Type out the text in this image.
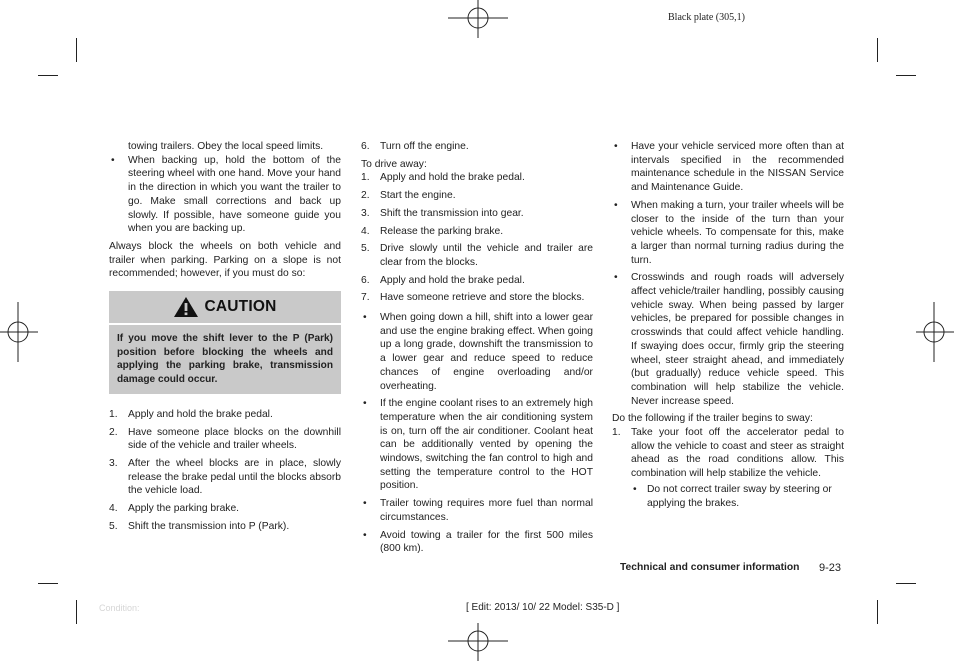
Black plate (305,1)

towing trailers. Obey the local speed limits.

• When backing up, hold the bottom of the steering wheel with one hand. Move your hand in the direction in which you want the trailer to go. Make small corrections and back up slowly. If possible, have someone guide you when you are backing up.

Always block the wheels on both vehicle and trailer when parking. Parking on a slope is not recommended; however, if you must do so:

CAUTION
If you move the shift lever to the P (Park) position before blocking the wheels and applying the parking brake, transmission damage could occur.
1. Apply and hold the brake pedal.

2. Have someone place blocks on the downhill side of the vehicle and trailer wheels.

3. After the wheel blocks are in place, slowly release the brake pedal until the blocks absorb the vehicle load.

4. Apply the parking brake.

5. Shift the transmission into P (Park).

6. Turn off the engine.

To drive away:

1. Apply and hold the brake pedal.

2. Start the engine.

3. Shift the transmission into gear.

4. Release the parking brake.

5. Drive slowly until the vehicle and trailer are clear from the blocks.

6. Apply and hold the brake pedal.

7. Have someone retrieve and store the blocks.

• When going down a hill, shift into a lower gear and use the engine braking effect. When going up a long grade, downshift the transmission to a lower gear and reduce speed to reduce chances of engine overloading and/or overheating.

• If the engine coolant rises to an extremely high temperature when the air conditioning system is on, turn off the air conditioner. Coolant heat can be additionally vented by opening the windows, switching the fan control to high and setting the temperature control to the HOT position.

• Trailer towing requires more fuel than normal circumstances.

• Avoid towing a trailer for the first 500 miles (800 km).

• Have your vehicle serviced more often than at intervals specified in the recommended maintenance schedule in the NISSAN Service and Maintenance Guide.

• When making a turn, your trailer wheels will be closer to the inside of the turn than your vehicle wheels. To compensate for this, make a larger than normal turning radius during the turn.

• Crosswinds and rough roads will adversely affect vehicle/trailer handling, possibly causing vehicle sway. When being passed by larger vehicles, be prepared for possible changes in crosswinds that could affect vehicle handling. If swaying does occur, firmly grip the steering wheel, steer straight ahead, and immediately (but gradually) reduce vehicle speed. This combination will help stabilize the vehicle. Never increase speed.

Do the following if the trailer begins to sway:

1. Take your foot off the accelerator pedal to allow the vehicle to coast and steer as straight ahead as the road conditions allow. This combination will help stabilize the vehicle.

• Do not correct trailer sway by steering or applying the brakes.

Technical and consumer information 9-23
Condition:	[ Edit: 2013/ 10/ 22 Model: S35-D ]
